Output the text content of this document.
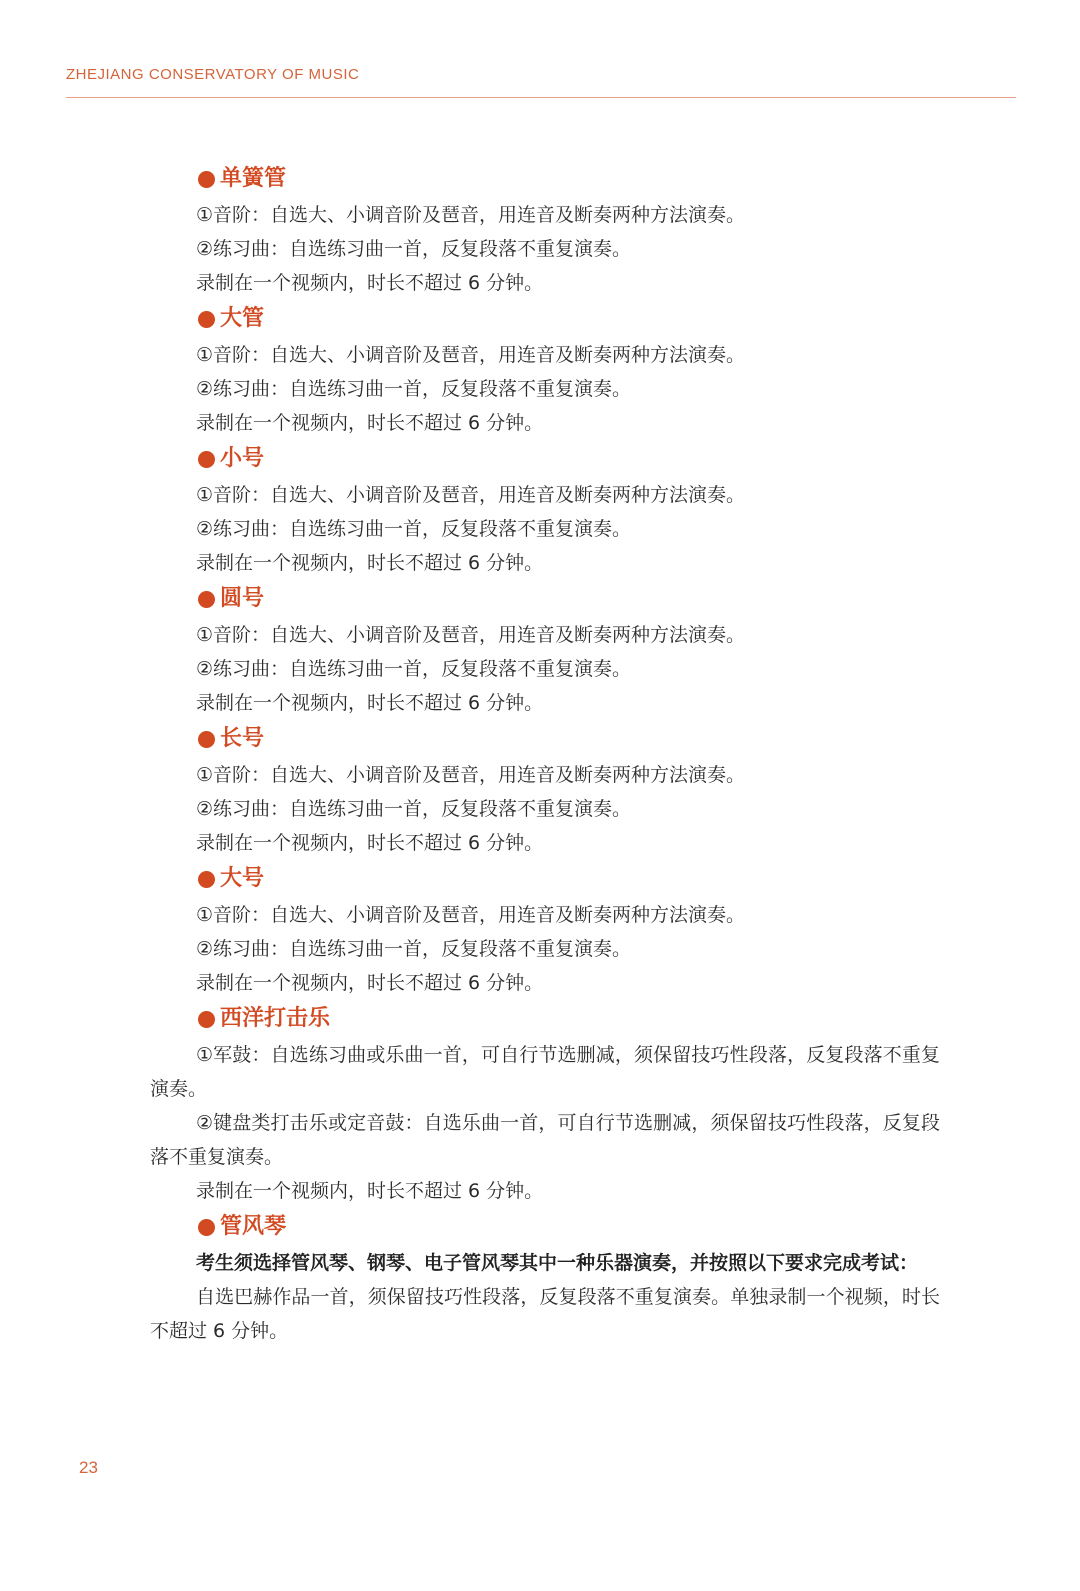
ZHEJIANG CONSERVATORY OF MUSIC
单簧管
①音阶：自选大、小调音阶及琶音，用连音及断奏两种方法演奏。
②练习曲：自选练习曲一首，反复段落不重复演奏。
录制在一个视频内，时长不超过 6 分钟。
大管
①音阶：自选大、小调音阶及琶音，用连音及断奏两种方法演奏。
②练习曲：自选练习曲一首，反复段落不重复演奏。
录制在一个视频内，时长不超过 6 分钟。
小号
①音阶：自选大、小调音阶及琶音，用连音及断奏两种方法演奏。
②练习曲：自选练习曲一首，反复段落不重复演奏。
录制在一个视频内，时长不超过 6 分钟。
圆号
①音阶：自选大、小调音阶及琶音，用连音及断奏两种方法演奏。
②练习曲：自选练习曲一首，反复段落不重复演奏。
录制在一个视频内，时长不超过 6 分钟。
长号
①音阶：自选大、小调音阶及琶音，用连音及断奏两种方法演奏。
②练习曲：自选练习曲一首，反复段落不重复演奏。
录制在一个视频内，时长不超过 6 分钟。
大号
①音阶：自选大、小调音阶及琶音，用连音及断奏两种方法演奏。
②练习曲：自选练习曲一首，反复段落不重复演奏。
录制在一个视频内，时长不超过 6 分钟。
西洋打击乐
①军鼓：自选练习曲或乐曲一首，可自行节选删减，须保留技巧性段落，反复段落不重复演奏。
②键盘类打击乐或定音鼓：自选乐曲一首，可自行节选删减，须保留技巧性段落，反复段落不重复演奏。
录制在一个视频内，时长不超过 6 分钟。
管风琴
考生须选择管风琴、钢琴、电子管风琴其中一种乐器演奏，并按照以下要求完成考试：
自选巴赫作品一首，须保留技巧性段落，反复段落不重复演奏。单独录制一个视频，时长不超过 6 分钟。
23
